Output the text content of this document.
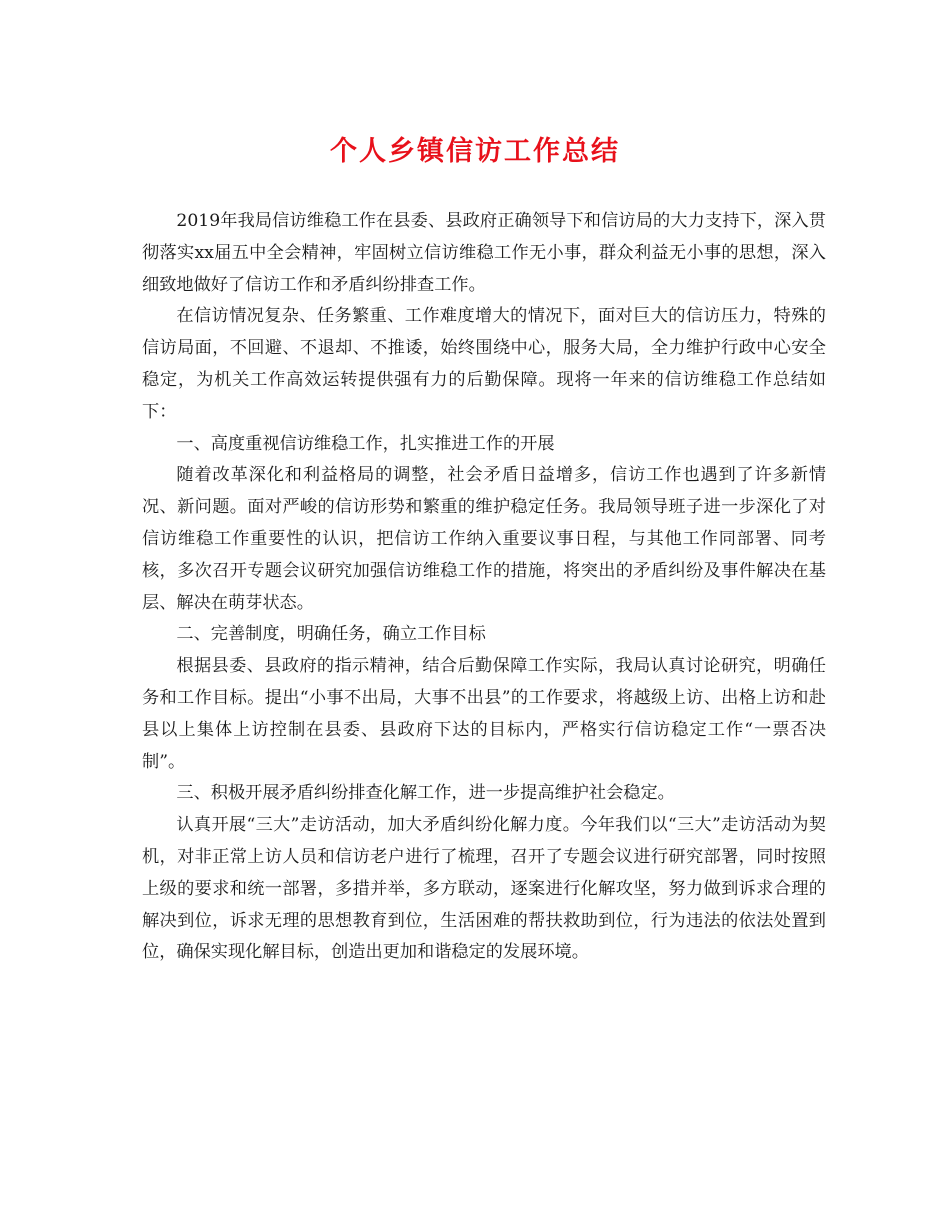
个人乡镇信访工作总结

2019年我局信访维稳工作在县委、县政府正确领导下和信访局的大力支持下，深入贯彻落实xx届五中全会精神，牢固树立信访维稳工作无小事，群众利益无小事的思想，深入细致地做好了信访工作和矛盾纠纷排查工作。

在信访情况复杂、任务繁重、工作难度增大的情况下，面对巨大的信访压力，特殊的信访局面，不回避、不退却、不推诿，始终围绕中心，服务大局，全力维护行政中心安全稳定，为机关工作高效运转提供强有力的后勤保障。现将一年来的信访维稳工作总结如下：

一、高度重视信访维稳工作，扎实推进工作的开展

随着改革深化和利益格局的调整，社会矛盾日益增多，信访工作也遇到了许多新情况、新问题。面对严峻的信访形势和繁重的维护稳定任务。我局领导班子进一步深化了对信访维稳工作重要性的认识，把信访工作纳入重要议事日程，与其他工作同部署、同考核，多次召开专题会议研究加强信访维稳工作的措施，将突出的矛盾纠纷及事件解决在基层、解决在萌芽状态。

二、完善制度，明确任务，确立工作目标

根据县委、县政府的指示精神，结合后勤保障工作实际，我局认真讨论研究，明确任务和工作目标。提出“小事不出局，大事不出县”的工作要求，将越级上访、出格上访和赴县以上集体上访控制在县委、县政府下达的目标内，严格实行信访稳定工作“一票否决制”。

三、积极开展矛盾纠纷排查化解工作，进一步提高维护社会稳定。

认真开展“三大”走访活动，加大矛盾纠纷化解力度。今年我们以“三大”走访活动为契机，对非正常上访人员和信访老户进行了梳理，召开了专题会议进行研究部署，同时按照上级的要求和统一部署，多措并举，多方联动，逐案进行化解攻坚，努力做到诉求合理的解决到位，诉求无理的思想教育到位，生活困难的帮扶救助到位，行为违法的依法处置到位，确保实现化解目标，创造出更加和谐稳定的发展环境。
